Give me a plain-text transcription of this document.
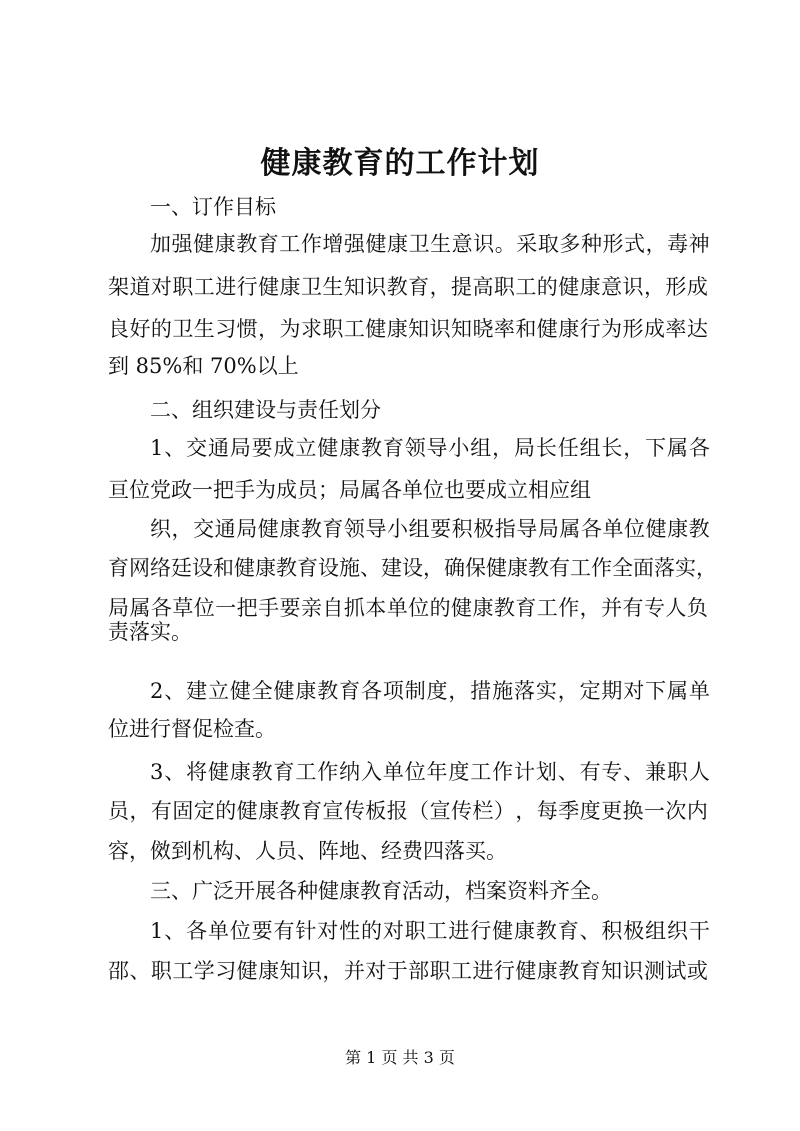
健康教育的工作计划

一、订作目标

加 强 健 康 教 育 工 作 增 强 健 康 卫 生 意 识 。 采 取 多 种 形 式 ， 毒 神

架 道 对 职 工 进 行 健 康 卫 生 知 识 教 育 ， 提 高 职 工 的 健 康 意 识 ， 形 成

良 好 的 卫 生 习 惯 ， 为 求 职 工 健 康 知 识 知 晓 率 和 健 康 行 为 形 成 率 达

到 85%和 70%以上

二、组织建设与责任划分

1 、 交 通 局 要 成 立 健 康 教 育 领 导 小 组 ， 局 长 任 组 长 ， 下 属 各

亘位党政一把手为成员；局属各单位也要成立相应组

织 ， 交 通 局 健 康 教 育 领 导 小 组 要 积 极 指 导 局 属 各 单 位 健 康 教

育 网 络 廷 设 和 健 康 教 育 设 施 、 建 设 ， 确 保 健 康 教 有 工 作 全 面 落 实 ，

局 属 各 草 位 一 把 手 要 亲 自 抓 本 单 位 的 健 康 教 育 工 作 ， 并 有 专 人 负

责落实。

2 、 建 立 健 全 健 康 教 育 各 项 制 度 ， 措 施 落 实 ， 定 期 对 下 属 单

位进行督促检查。

3 、 将 健 康 教 育 工 作 纳 入 单 位 年 度 工 作 计 划 、 有 专 、 兼 职 人

员 ， 有 固 定 的 健 康 教 育 宣 传 板 报 （ 宣 传 栏 ） ， 每 季 度 更 换 一 次 内

容，傚到机构、人员、阵地、经费四落买。

三、广泛开展各种健康教育活动，档案资料齐全。

1 、 各 单 位 要 有 针 对 性 的 对 职 工 进 行 健 康 教 育 、 积 极 组 织 干

邵 、 职 工 学 习 健 康 知 识 ， 并 对 于 部 职 工 进 行 健 康 教 育 知 识 测 试 或

第 1 页 共 3 页
